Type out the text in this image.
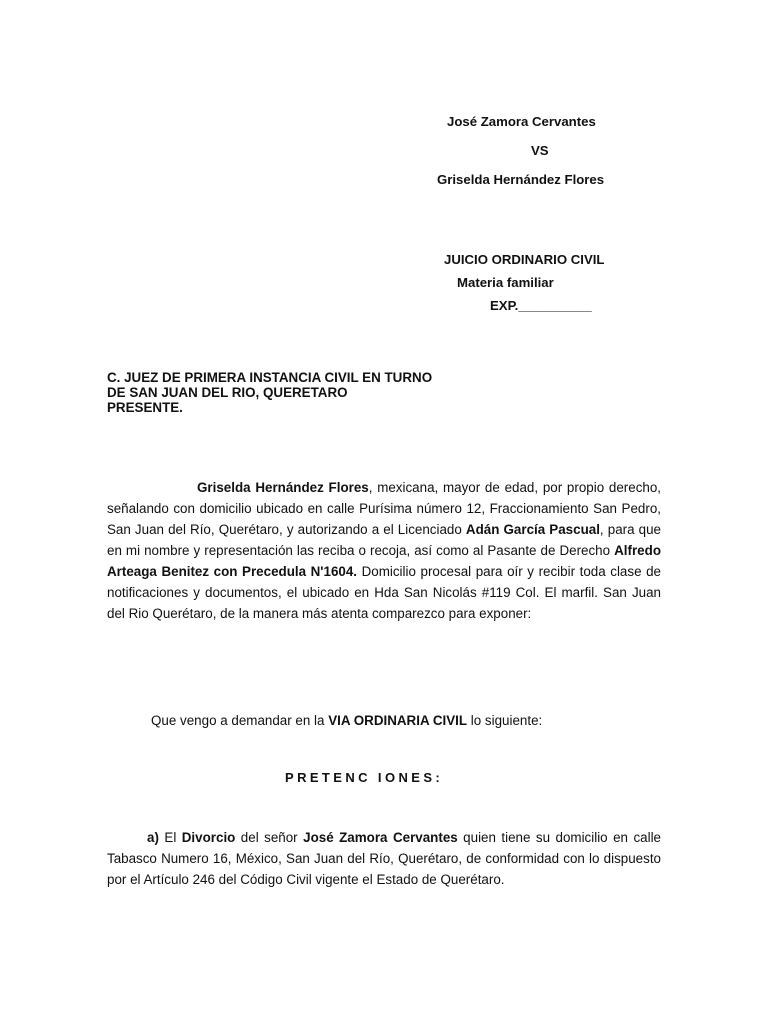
José Zamora Cervantes
VS
Griselda Hernández Flores
JUICIO ORDINARIO CIVIL
Materia familiar
EXP.__________
C. JUEZ DE PRIMERA INSTANCIA CIVIL EN TURNO
DE SAN JUAN DEL RIO, QUERETARO
PRESENTE.

Griselda Hernández Flores, mexicana, mayor de edad, por propio derecho, señalando con domicilio ubicado en calle Purísima número 12, Fraccionamiento San Pedro, San Juan del Río, Querétaro, y autorizando a el Licenciado Adán García Pascual, para que en mi nombre y representación las reciba o recoja, así como al Pasante de Derecho Alfredo Arteaga Benitez con Precedula N'1604. Domicilio procesal para oír y recibir toda clase de notificaciones y documentos, el ubicado en Hda San Nicolás #119 Col. El marfil. San Juan del Rio Querétaro, de la manera más atenta comparezco para exponer:

Que vengo a demandar en la VIA ORDINARIA CIVIL lo siguiente:
PRETENC IONES:

a) El Divorcio del señor José Zamora Cervantes quien tiene su domicilio en calle Tabasco Numero 16, México, San Juan del Río, Querétaro, de conformidad con lo dispuesto por el Artículo 246 del Código Civil vigente el Estado de Querétaro.
